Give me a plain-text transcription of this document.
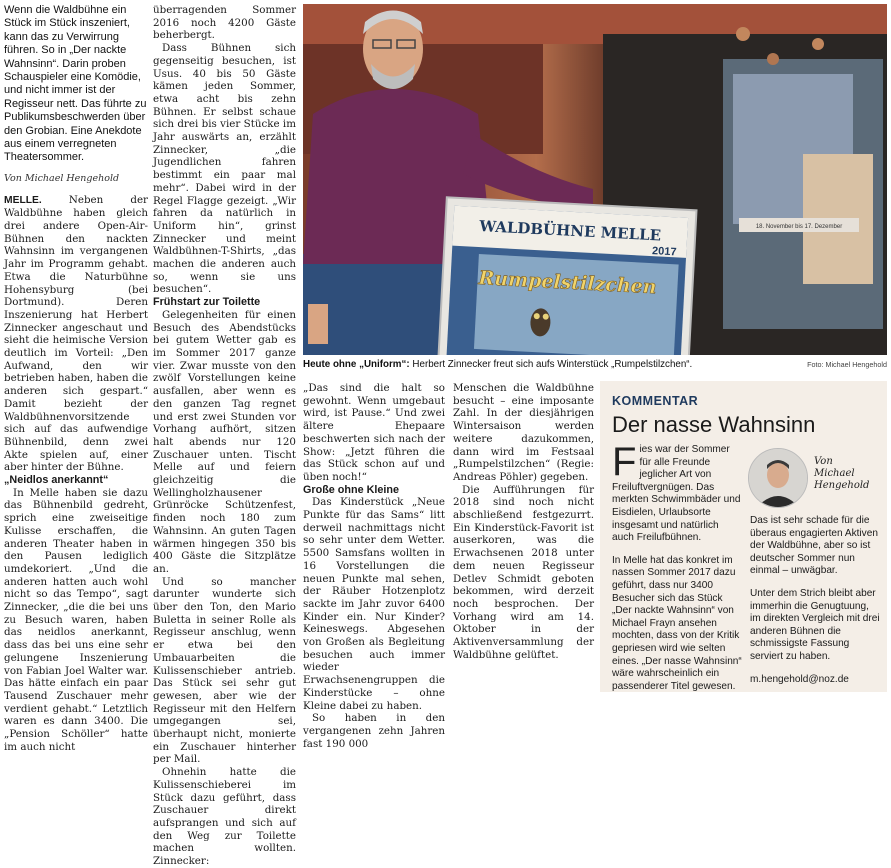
Wenn die Waldbühne ein Stück im Stück inszeniert, kann das zu Verwirrung führen. So in „Der nackte Wahnsinn“. Darin proben Schauspieler eine Komödie, und nicht immer ist der Regisseur nett. Das führte zu Publikumsbeschwerden über den Grobian. Eine Anekdote aus einem verregneten Theatersommer.
Von Michael Hengehold

MELLE.	Neben der Waldbühne haben gleich drei andere Open-Air-Bühnen den nackten Wahnsinn im vergangenen Jahr im Programm gehabt. Etwa die Naturbühne Hohensyburg (bei Dortmund). Deren Inszenierung hat Herbert Zinnecker angeschaut und sieht die heimische Version deutlich im Vorteil: „Den Aufwand, den wir betrieben haben, haben die anderen sich gespart.“ Damit bezieht der Waldbühnenvorsitzende sich auf das aufwendige Bühnenbild, denn zwei Akte spielen auf, einer aber hinter der Bühne.

„Neidlos anerkannt“

In Melle haben sie dazu das Bühnenbild gedreht, sprich eine zweiseitige Kulisse erschaffen, die anderen Theater haben in den Pausen lediglich umdekoriert. „Und die anderen hatten auch wohl nicht so das Tempo“, sagt Zinnecker, „die die bei uns zu Besuch waren, haben das neidlos anerkannt, dass das bei uns eine sehr gelungene Inszenierung von Fabian Joel Walter war. Das hätte einfach ein paar Tausend Zuschauer mehr verdient gehabt.“ Letztlich waren es dann 3400. Die „Pension Schöller“ hatte im auch nicht

überragenden Sommer 2016 noch 4200 Gäste beherbergt.

Dass Bühnen sich gegenseitig besuchen, ist Usus. 40 bis 50 Gäste kämen jeden Sommer, etwa acht bis zehn Bühnen. Er selbst schaue sich drei bis vier Stücke im Jahr auswärts an, erzählt Zinnecker, „die Jugendlichen fahren bestimmt ein paar mal mehr“. Dabei wird in der Regel Flagge gezeigt. „Wir fahren da natürlich in Uniform hin“, grinst Zinnecker und meint Waldbühnen-T-Shirts, „das machen die anderen auch so, wenn sie uns besuchen“.

Frühstart zur Toilette

Gelegenheiten für einen Besuch des Abendstücks bei gutem Wetter gab es im Sommer 2017 ganze vier. Zwar musste von den zwölf Vorstellungen keine ausfallen, aber wenn es den ganzen Tag regnet und erst zwei Stunden vor Vorhang aufhört, sitzen halt abends nur 120 Zuschauer unten. Tischt Melle auf und feiern gleichzeitig die Wellingholzhausener Grünröcke Schützenfest, finden noch 180 zum Wahnsinn. An guten Tagen wärmen hingegen 350 bis 400 Gäste die Sitzplätze an.

Und so mancher darunter wunderte sich über den Ton, den Mario Buletta in seiner Rolle als Regisseur anschlug, wenn er etwa bei den Umbauarbeiten die Kulissenschieber antrieb. Das Stück sei sehr gut gewesen, aber wie der Regisseur mit den Helfern umgegangen sei, überhaupt nicht, monierte ein Zuschauer hinterher per Mail.

Ohnehin hatte die Kulissenschieberei im Stück dazu geführt, dass Zuschauer direkt aufsprangen und sich auf den Weg zur Toilette machen wollten. Zinnecker:

18. November bis 17. Dezember
WALDBÜHNE MELLE
2017
Rumpelstilzchen
Heute ohne „Uniform“: Herbert Zinnecker freut sich aufs Winterstück „Rumpelstilzchen“.	Foto: Michael Hengehold

„Das sind die halt so gewohnt. Wenn umgebaut wird, ist Pause.“ Und zwei ältere Ehepaare beschwerten sich nach der Show: „Jetzt führen die das Stück schon auf und üben noch!“

Große ohne Kleine

Das Kinderstück „Neue Punkte für das Sams“ litt derweil nachmittags nicht so sehr unter dem Wetter. 5500 Samsfans wollten in 16 Vorstellungen die neuen Punkte mal sehen, der Räuber Hotzenplotz sackte im Jahr zuvor 6400 Kinder ein. Nur Kinder? Keineswegs. Abgesehen von Großen als Begleitung besuchen auch immer wieder Erwachsenengruppen die Kinderstücke – ohne Kleine dabei zu haben.

So haben in den vergangenen zehn Jahren fast 190 000

Menschen die Waldbühne besucht – eine imposante Zahl. In der diesjährigen Wintersaison werden weitere dazukommen, dann wird im Festsaal „Rumpelstilzchen“ (Regie: Andreas Pöhler) gegeben.

Die Aufführungen für 2018 sind noch nicht abschließend festgezurrt. Ein Kinderstück-Favorit ist auserkoren, was die Erwachsenen 2018 unter dem neuen Regisseur Detlev Schmidt geboten bekommen, wird derzeit noch besprochen. Der Vorhang wird am 14. Oktober in der Aktivenversammlung der Waldbühne gelüftet.

KOMMENTAR
Der nasse Wahnsinn
Von
Michael
Hengehold

Fies war der Sommer für alle Freunde jeglicher Art von Freiluftvergnügen. Das merkten Schwimmbäder und Eisdielen, Urlaubsorte insgesamt und natürlich auch Freilufbühnen.

In Melle hat das konkret im nassen Sommer 2017 dazu geführt, dass nur 3400 Besucher sich das Stück „Der nackte Wahnsinn“ von Michael Frayn ansehen mochten, dass von der Kritik gepriesen wird wie selten eines. „Der nasse Wahnsinn“ wäre wahrscheinlich ein passenderer Titel gewesen.

Das ist sehr schade für die überaus engagierten Aktiven der Waldbühne, aber so ist deutscher Sommer nun einmal – unwägbar.

Unter dem Strich bleibt aber immerhin die Genugtuung, im direkten Vergleich mit drei anderen Bühnen die schmissigste Fassung serviert zu haben.

m.hengehold@noz.de
